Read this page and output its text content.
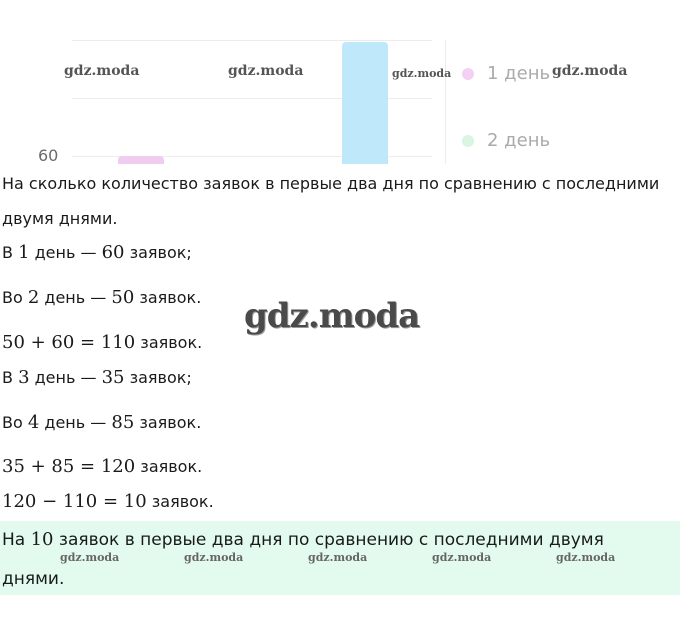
60
1 день
2 день
gdz.moda	gdz.moda	gdz.moda	gdz.moda
На сколько количество заявок в первые два дня по сравнению с последними
двумя днями.
В 1 день — 60 заявок;
Во 2 день — 50 заявок. gdz.moda
50 + 60 = 110 заявок.
В 3 день — 35 заявок;
Во 4 день — 85 заявок.
35 + 85 = 120 заявок.
120 − 110 = 10 заявок.
На 10 заявок в первые два дня по сравнению с последними двумя
днями.
gdz.moda	gdz.moda	gdz.moda	gdz.moda	gdz.moda
